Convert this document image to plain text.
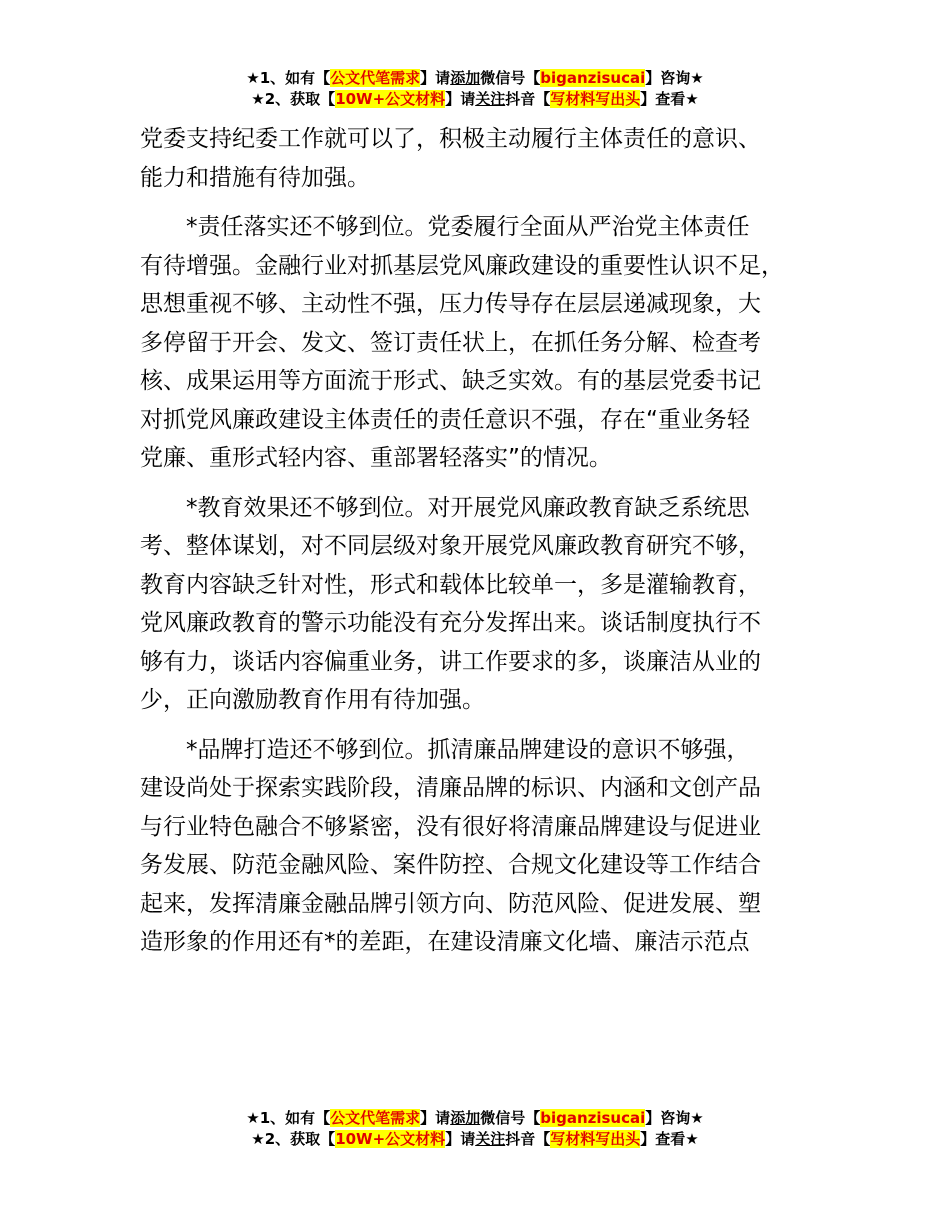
★1、如有【公文代笔需求】请添加微信号【biganzisucai】咨询★
★2、获取【10W+公文材料】请关注抖音【写材料写出头】查看★

党委支持纪委工作就可以了，积极主动履行主体责任的意识、
能力和措施有待加强。

*责任落实还不够到位。党委履行全面从严治党主体责任
有待增强。金融行业对抓基层党风廉政建设的重要性认识不足，
思想重视不够、主动性不强，压力传导存在层层递减现象，大
多停留于开会、发文、签订责任状上，在抓任务分解、检查考
核、成果运用等方面流于形式、缺乏实效。有的基层党委书记
对抓党风廉政建设主体责任的责任意识不强，存在“重业务轻
党廉、重形式轻内容、重部署轻落实”的情况。

*教育效果还不够到位。对开展党风廉政教育缺乏系统思
考、整体谋划，对不同层级对象开展党风廉政教育研究不够，
教育内容缺乏针对性，形式和载体比较单一，多是灌输教育，
党风廉政教育的警示功能没有充分发挥出来。谈话制度执行不
够有力，谈话内容偏重业务，讲工作要求的多，谈廉洁从业的
少，正向激励教育作用有待加强。

*品牌打造还不够到位。抓清廉品牌建设的意识不够强，
建设尚处于探索实践阶段，清廉品牌的标识、内涵和文创产品
与行业特色融合不够紧密，没有很好将清廉品牌建设与促进业
务发展、防范金融风险、案件防控、合规文化建设等工作结合
起来，发挥清廉金融品牌引领方向、防范风险、促进发展、塑
造形象的作用还有*的差距，在建设清廉文化墙、廉洁示范点

★1、如有【公文代笔需求】请添加微信号【biganzisucai】咨询★
★2、获取【10W+公文材料】请关注抖音【写材料写出头】查看★
